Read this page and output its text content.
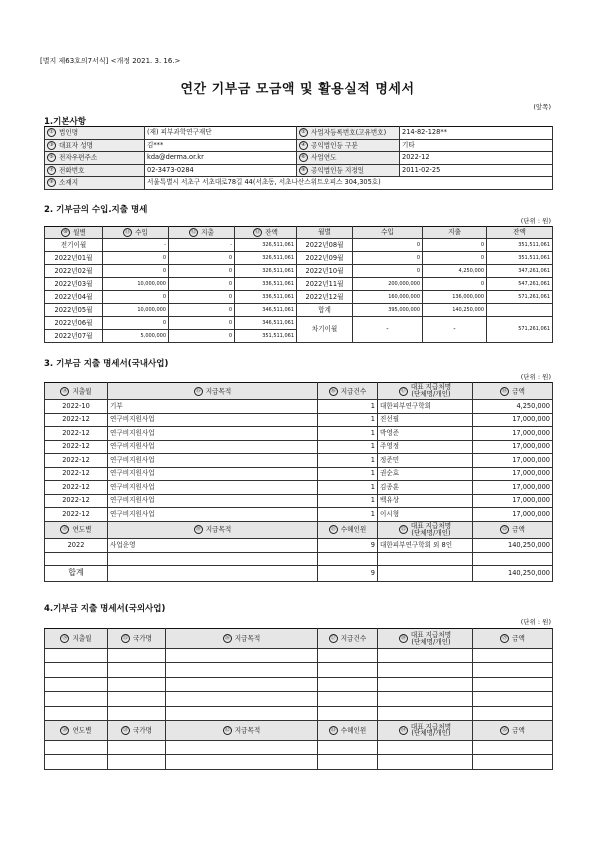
[별지 제63호의7서식] <개정 2021. 3. 16.>
연간 기부금 모금액 및 활용실적 명세서
(앞쪽)
1.기본사항
① 법인명	(재) 피부과학연구재단	② 사업자등록번호(고유번호)	214-82-128**
③ 대표자 성명	김***	④ 공익법인등 구분	기타
⑤ 전자우편주소	kda@derma.or.kr	⑥ 사업연도	2022-12
⑦ 전화번호	02-3473-0284	⑧ 공익법인등 지정일	2011-02-25
⑨ 소재지	서울특별시 서초구 서초대로78길 44(서초동, 서초나산스위트오피스 304,305호)		
2. 기부금의 수입.지출 명세
(단위 : 원)
⑩ 월별	⑪ 수입	⑫ 지출	⑬ 잔액	월별	수입	지출	잔액
전기이월	-	-	326,511,061	2022년08월	0	0	351,511,061
2022년01월	0	0	326,511,061	2022년09월	0	0	351,511,061
2022년02월	0	0	326,511,061	2022년10월	0	4,250,000	347,261,061
2022년03월	10,000,000	0	336,511,061	2022년11월	200,000,000	0	547,261,061
2022년04월	0	0	336,511,061	2022년12월	160,000,000	136,000,000	571,261,061
2022년05월	10,000,000	0	346,511,061	합계	395,000,000	140,250,000	
2022년06월	0	0	346,511,061	차기이월	-	-	571,261,061
2022년07월	5,000,000	0	351,511,061				
3. 기부금 지출 명세서(국내사업)
(단위 : 원)
⑭ 지출월	⑮ 지급목적	⑯ 지급건수	⑰ 대표 지급처명
(단체명/개인)	⑱ 금액
2022-10	기부	1	대한피부연구학회	4,250,000
2022-12	연구비지원사업	1	진선필	17,000,000
2022-12	연구비지원사업	1	박영준	17,000,000
2022-12	연구비지원사업	1	주영정	17,000,000
2022-12	연구비지원사업	1	정준민	17,000,000
2022-12	연구비지원사업	1	권순효	17,000,000
2022-12	연구비지원사업	1	김종훈	17,000,000
2022-12	연구비지원사업	1	백유상	17,000,000
2022-12	연구비지원사업	1	이시형	17,000,000
⑲ 연도별	⑳ 지급목적	㉑ 수혜인원	㉒ 대표 지급처명
(단체명/개인)	㉓ 금액
2022	사업운영	9	대한피부연구학회 외 8인	140,250,000

합계		9		140,250,000
4.기부금 지출 명세서(국외사업)
(단위 : 원)
㉔ 지출월	㉕ 국가명	㉖ 지급목적	㉗ 지급건수	㉘ 대표 지급처명
(단체명/개인)	㉙ 금액

㉚ 연도별	㉛ 국가명	㉜ 지급목적	㉝ 수혜인원	㉞ 대표 지급처명
(단체명/개인)	㉟ 금액
